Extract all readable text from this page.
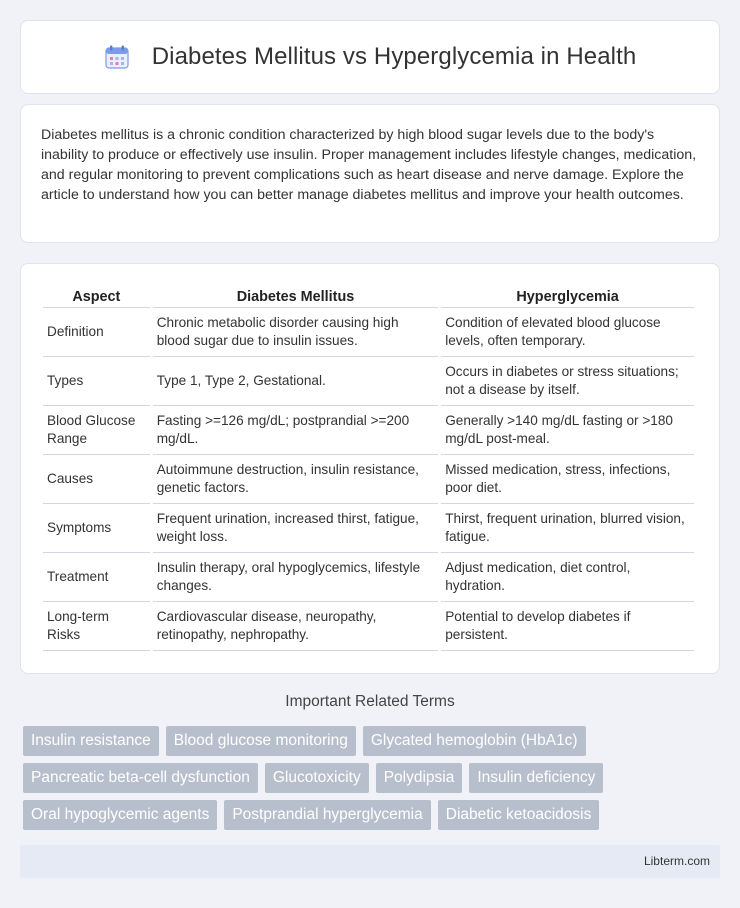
Diabetes Mellitus vs Hyperglycemia in Health

Diabetes mellitus is a chronic condition characterized by high blood sugar levels due to the body's inability to produce or effectively use insulin. Proper management includes lifestyle changes, medication, and regular monitoring to prevent complications such as heart disease and nerve damage. Explore the article to understand how you can better manage diabetes mellitus and improve your health outcomes.

Aspect	Diabetes Mellitus	Hyperglycemia
Definition	Chronic metabolic disorder causing high blood sugar due to insulin issues.	Condition of elevated blood glucose levels, often temporary.
Types	Type 1, Type 2, Gestational.	Occurs in diabetes or stress situations; not a disease by itself.
Blood Glucose Range	Fasting >=126 mg/dL; postprandial >=200 mg/dL.	Generally >140 mg/dL fasting or >180 mg/dL post-meal.
Causes	Autoimmune destruction, insulin resistance, genetic factors.	Missed medication, stress, infections, poor diet.
Symptoms	Frequent urination, increased thirst, fatigue, weight loss.	Thirst, frequent urination, blurred vision, fatigue.
Treatment	Insulin therapy, oral hypoglycemics, lifestyle changes.	Adjust medication, diet control, hydration.
Long-term Risks	Cardiovascular disease, neuropathy, retinopathy, nephropathy.	Potential to develop diabetes if persistent.
Important Related Terms
Insulin resistance	Blood glucose monitoring	Glycated hemoglobin (HbA1c)
Pancreatic beta-cell dysfunction	Glucotoxicity	Polydipsia	Insulin deficiency
Oral hypoglycemic agents	Postprandial hyperglycemia	Diabetic ketoacidosis
Libterm.com
